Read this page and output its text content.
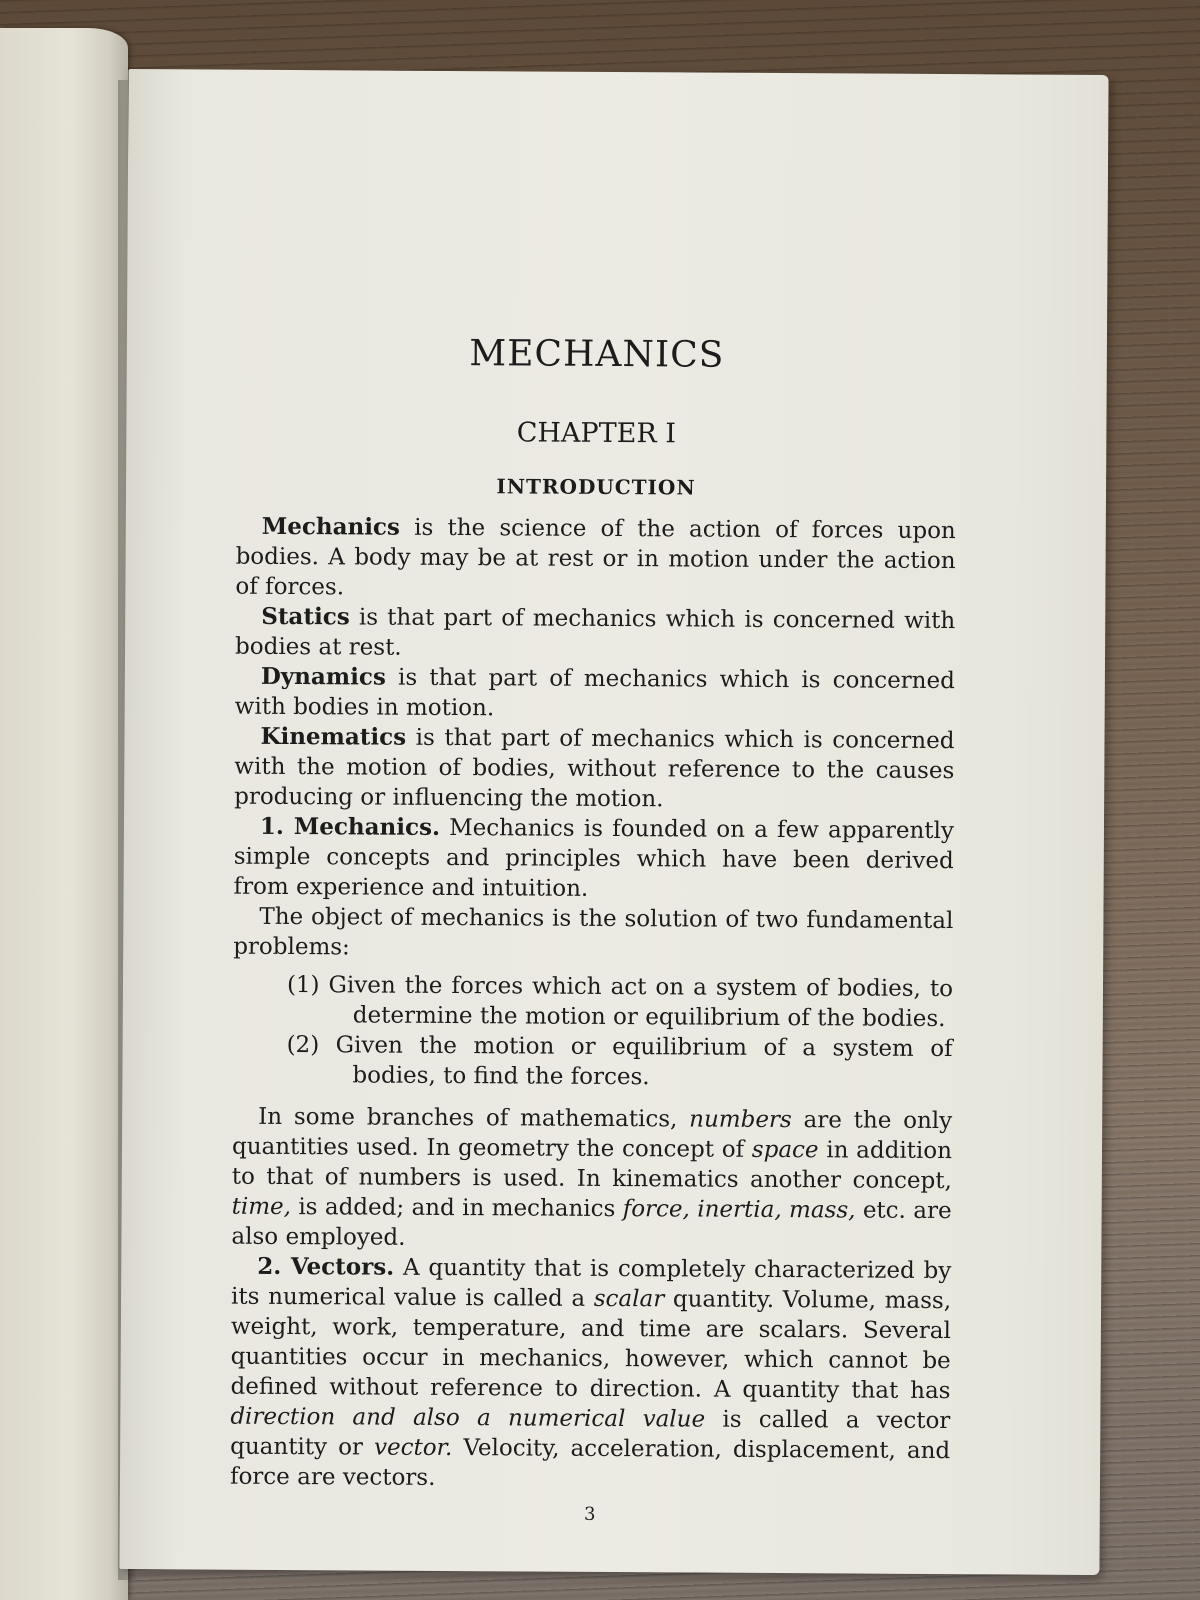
MECHANICS
CHAPTER I
INTRODUCTION

Mechanics is the science of the action of forces upon bodies. A body may be at rest or in motion under the action of forces.

Statics is that part of mechanics which is concerned with bodies at rest.

Dynamics is that part of mechanics which is concerned with bodies in motion.

Kinematics is that part of mechanics which is concerned with the motion of bodies, without reference to the causes producing or influencing the motion.

1. Mechanics. Mechanics is founded on a few apparently simple concepts and principles which have been derived from experience and intuition.

The object of mechanics is the solution of two fundamental problems:

(1) Given the forces which act on a system of bodies, to determine the motion or equilibrium of the bodies.
(2) Given the motion or equilibrium of a system of bodies, to find the forces.

In some branches of mathematics, numbers are the only quantities used. In geometry the concept of space in addition to that of numbers is used. In kinematics another concept, time, is added; and in mechanics force, inertia, mass, etc. are also employed.

2. Vectors. A quantity that is completely characterized by its numerical value is called a scalar quantity. Volume, mass, weight, work, temperature, and time are scalars. Several quantities occur in mechanics, however, which cannot be defined without reference to direction. A quantity that has direction and also a numerical value is called a vector quantity or vector. Velocity, acceleration, displacement, and force are vectors.

3
